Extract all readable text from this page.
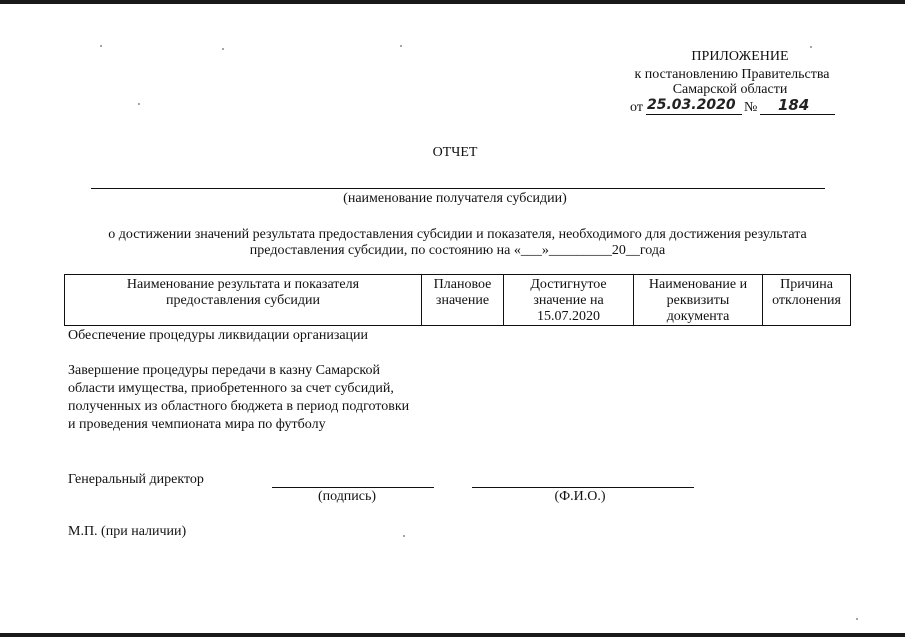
ПРИЛОЖЕНИЕ
к постановлению Правительства
Самарской области
от 25.03.2020 № 184
ОТЧЕТ
(наименование получателя субсидии)
о достижении значений результата предоставления субсидии и показателя, необходимого для достижения результата
предоставления субсидии, по состоянию на «___»_________20__года
Наименование результата и показателя предоставления субсидии
Плановое значение
Достигнутое значение на 15.07.2020
Наименование и реквизиты документа
Причина отклонения
Обеспечение процедуры ликвидации организации
Завершение процедуры передачи в казну Самарской области имущества, приобретенного за счет субсидий, полученных из областного бюджета в период подготовки и проведения чемпионата мира по футболу
Генеральный директор
(подпись)	(Ф.И.О.)
М.П. (при наличии)
